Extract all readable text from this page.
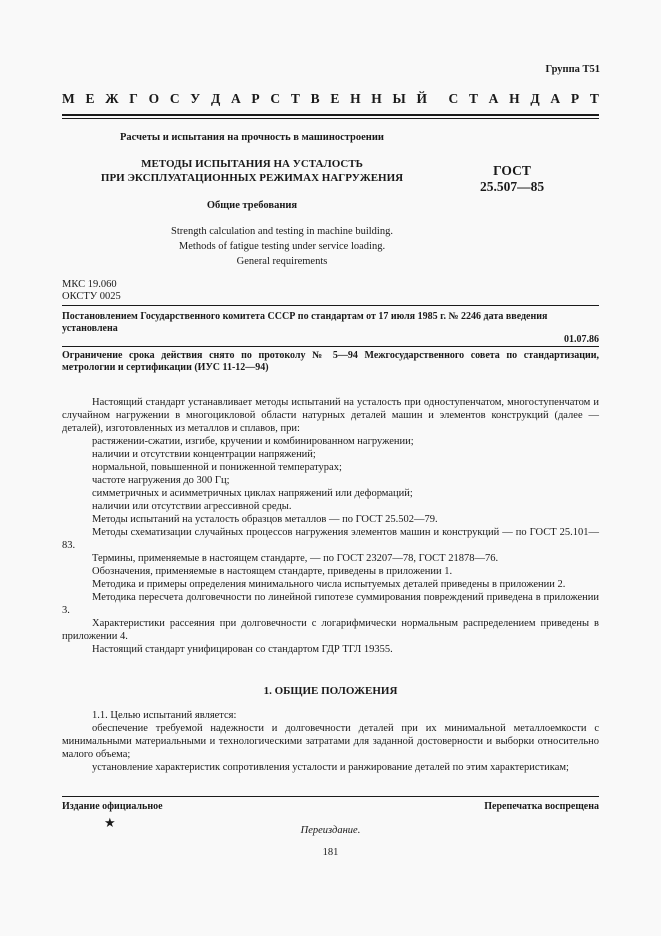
Группа Т51
М Е Ж Г О С У Д А Р С Т В Е Н Н Ы Й С Т А Н Д А Р Т
Расчеты и испытания на прочность в машиностроении
МЕТОДЫ ИСПЫТАНИЯ НА УСТАЛОСТЬ
ПРИ ЭКСПЛУАТАЦИОННЫХ РЕЖИМАХ НАГРУЖЕНИЯ	ГОСТ
25.507—85
Общие требования
Strength calculation and testing in machine building.
Methods of fatigue testing under service loading.
General requirements
МКС 19.060
ОКСТУ 0025
Постановлением Государственного комитета СССР по стандартам от 17 июля 1985 г. № 2246 дата введения установлена
01.07.86
Ограничение срока действия снято по протоколу № 5—94 Межгосударственного совета по стандартизации, метрологии и сертификации (ИУС 11-12—94)

Настоящий стандарт устанавливает методы испытаний на усталость при одноступенчатом, многоступенчатом и случайном нагружении в многоцикловой области натурных деталей машин и элементов конструкций (далее — деталей), изготовленных из металлов и сплавов, при:

растяжении-сжатии, изгибе, кручении и комбинированном нагружении;

наличии и отсутствии концентрации напряжений;

нормальной, повышенной и пониженной температурах;

частоте нагружения до 300 Гц;

симметричных и асимметричных циклах напряжений или деформаций;

наличии или отсутствии агрессивной среды.

Методы испытаний на усталость образцов металлов — по ГОСТ 25.502—79.

Методы схематизации случайных процессов нагружения элементов машин и конструкций — по ГОСТ 25.101—83.

Термины, применяемые в настоящем стандарте, — по ГОСТ 23207—78, ГОСТ 21878—76.

Обозначения, применяемые в настоящем стандарте, приведены в приложении 1.

Методика и примеры определения минимального числа испытуемых деталей приведены в приложении 2.

Методика пересчета долговечности по линейной гипотезе суммирования повреждений приведена в приложении 3.

Характеристики рассеяния при долговечности с логарифмически нормальным распределением приведены в приложении 4.

Настоящий стандарт унифицирован со стандартом ГДР ТГЛ 19355.

1. ОБЩИЕ ПОЛОЖЕНИЯ

1.1. Целью испытаний является:

обеспечение требуемой надежности и долговечности деталей при их минимальной металлоемкости с минимальными материальными и технологическими затратами для заданной достоверности и выборки относительно малого объема;

установление характеристик сопротивления усталости и ранжирование деталей по этим характеристикам;

Издание официальное	Перепечатка воспрещена
★
Переиздание.
181
